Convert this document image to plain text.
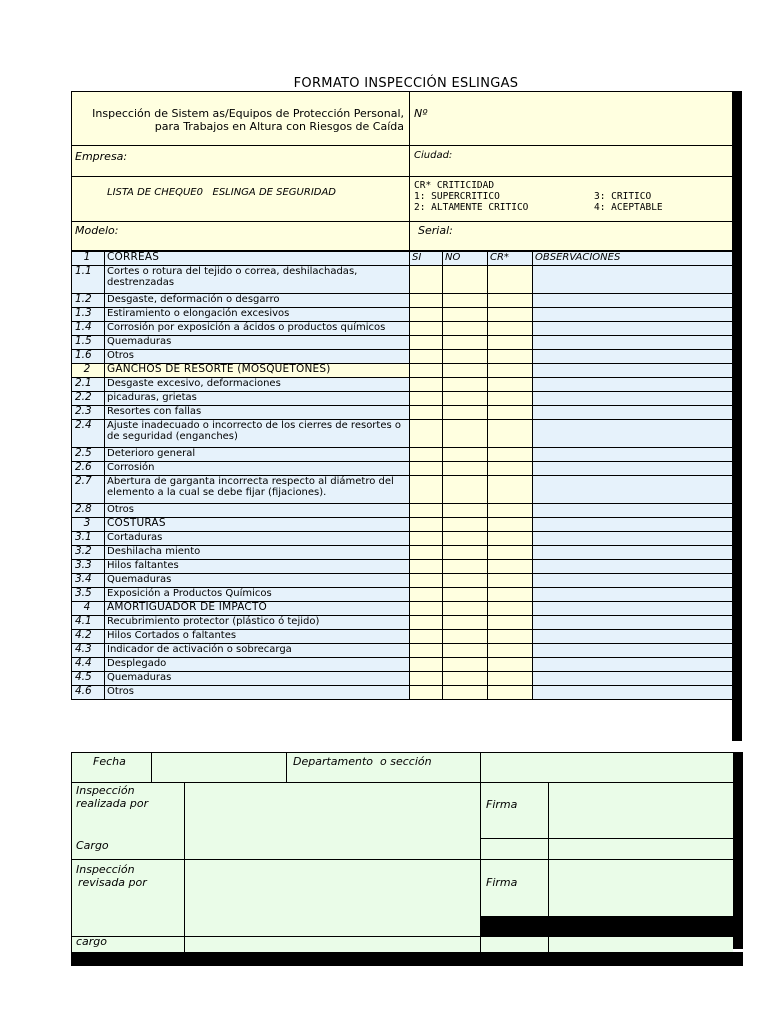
FORMATO INSPECCIÓN ESLINGAS
Inspección de Sistem as/Equipos de Protección Personal,
para Trabajos en Altura con Riesgos de Caída
Nº
Empresa:	Ciudad:
LISTA DE CHEQUE0   ESLINGA DE SEGURIDAD
CR* CRITICIDAD
1: SUPERCRITICO	3: CRITICO
2: ALTAMENTE CRITICO	4: ACEPTABLE
Modelo:	Serial:
1	CORREAS	SI	NO	CR*	OBSERVACIONES	
1.1	Cortes o rotura del tejido o correa, deshilachadas, destrenzadas					
1.2	Desgaste, deformación o desgarro					
1.3	Estiramiento o elongación excesivos					
1.4	Corrosión por exposición a ácidos o productos químicos					
1.5	Quemaduras					
1.6	Otros					
2	GANCHOS DE RESORTE (MOSQUETONES)					
2.1	Desgaste excesivo, deformaciones					
2.2	picaduras, grietas					
2.3	Resortes con fallas					
2.4	Ajuste inadecuado o incorrecto de los cierres de resortes o de seguridad (enganches)					
2.5	Deterioro general					
2.6	Corrosión					
2.7	Abertura de garganta incorrecta respecto al diámetro del elemento a la cual se debe fijar (fijaciones).					
2.8	Otros					
3	COSTURAS					
3.1	Cortaduras					
3.2	Deshilacha miento					
3.3	Hilos faltantes					
3.4	Quemaduras					
3.5	Exposición a Productos Químicos					
4	AMORTIGUADOR DE IMPACTO					
4.1	Recubrimiento protector (plástico ó tejido)					
4.2	Hilos Cortados o faltantes					
4.3	Indicador de activación o sobrecarga					
4.4	Desplegado					
4.5	Quemaduras					
4.6	Otros					
Fecha	Departamento  o sección
Inspección
realizada por	Firma
Cargo
Inspección
revisada por	Firma
cargo
